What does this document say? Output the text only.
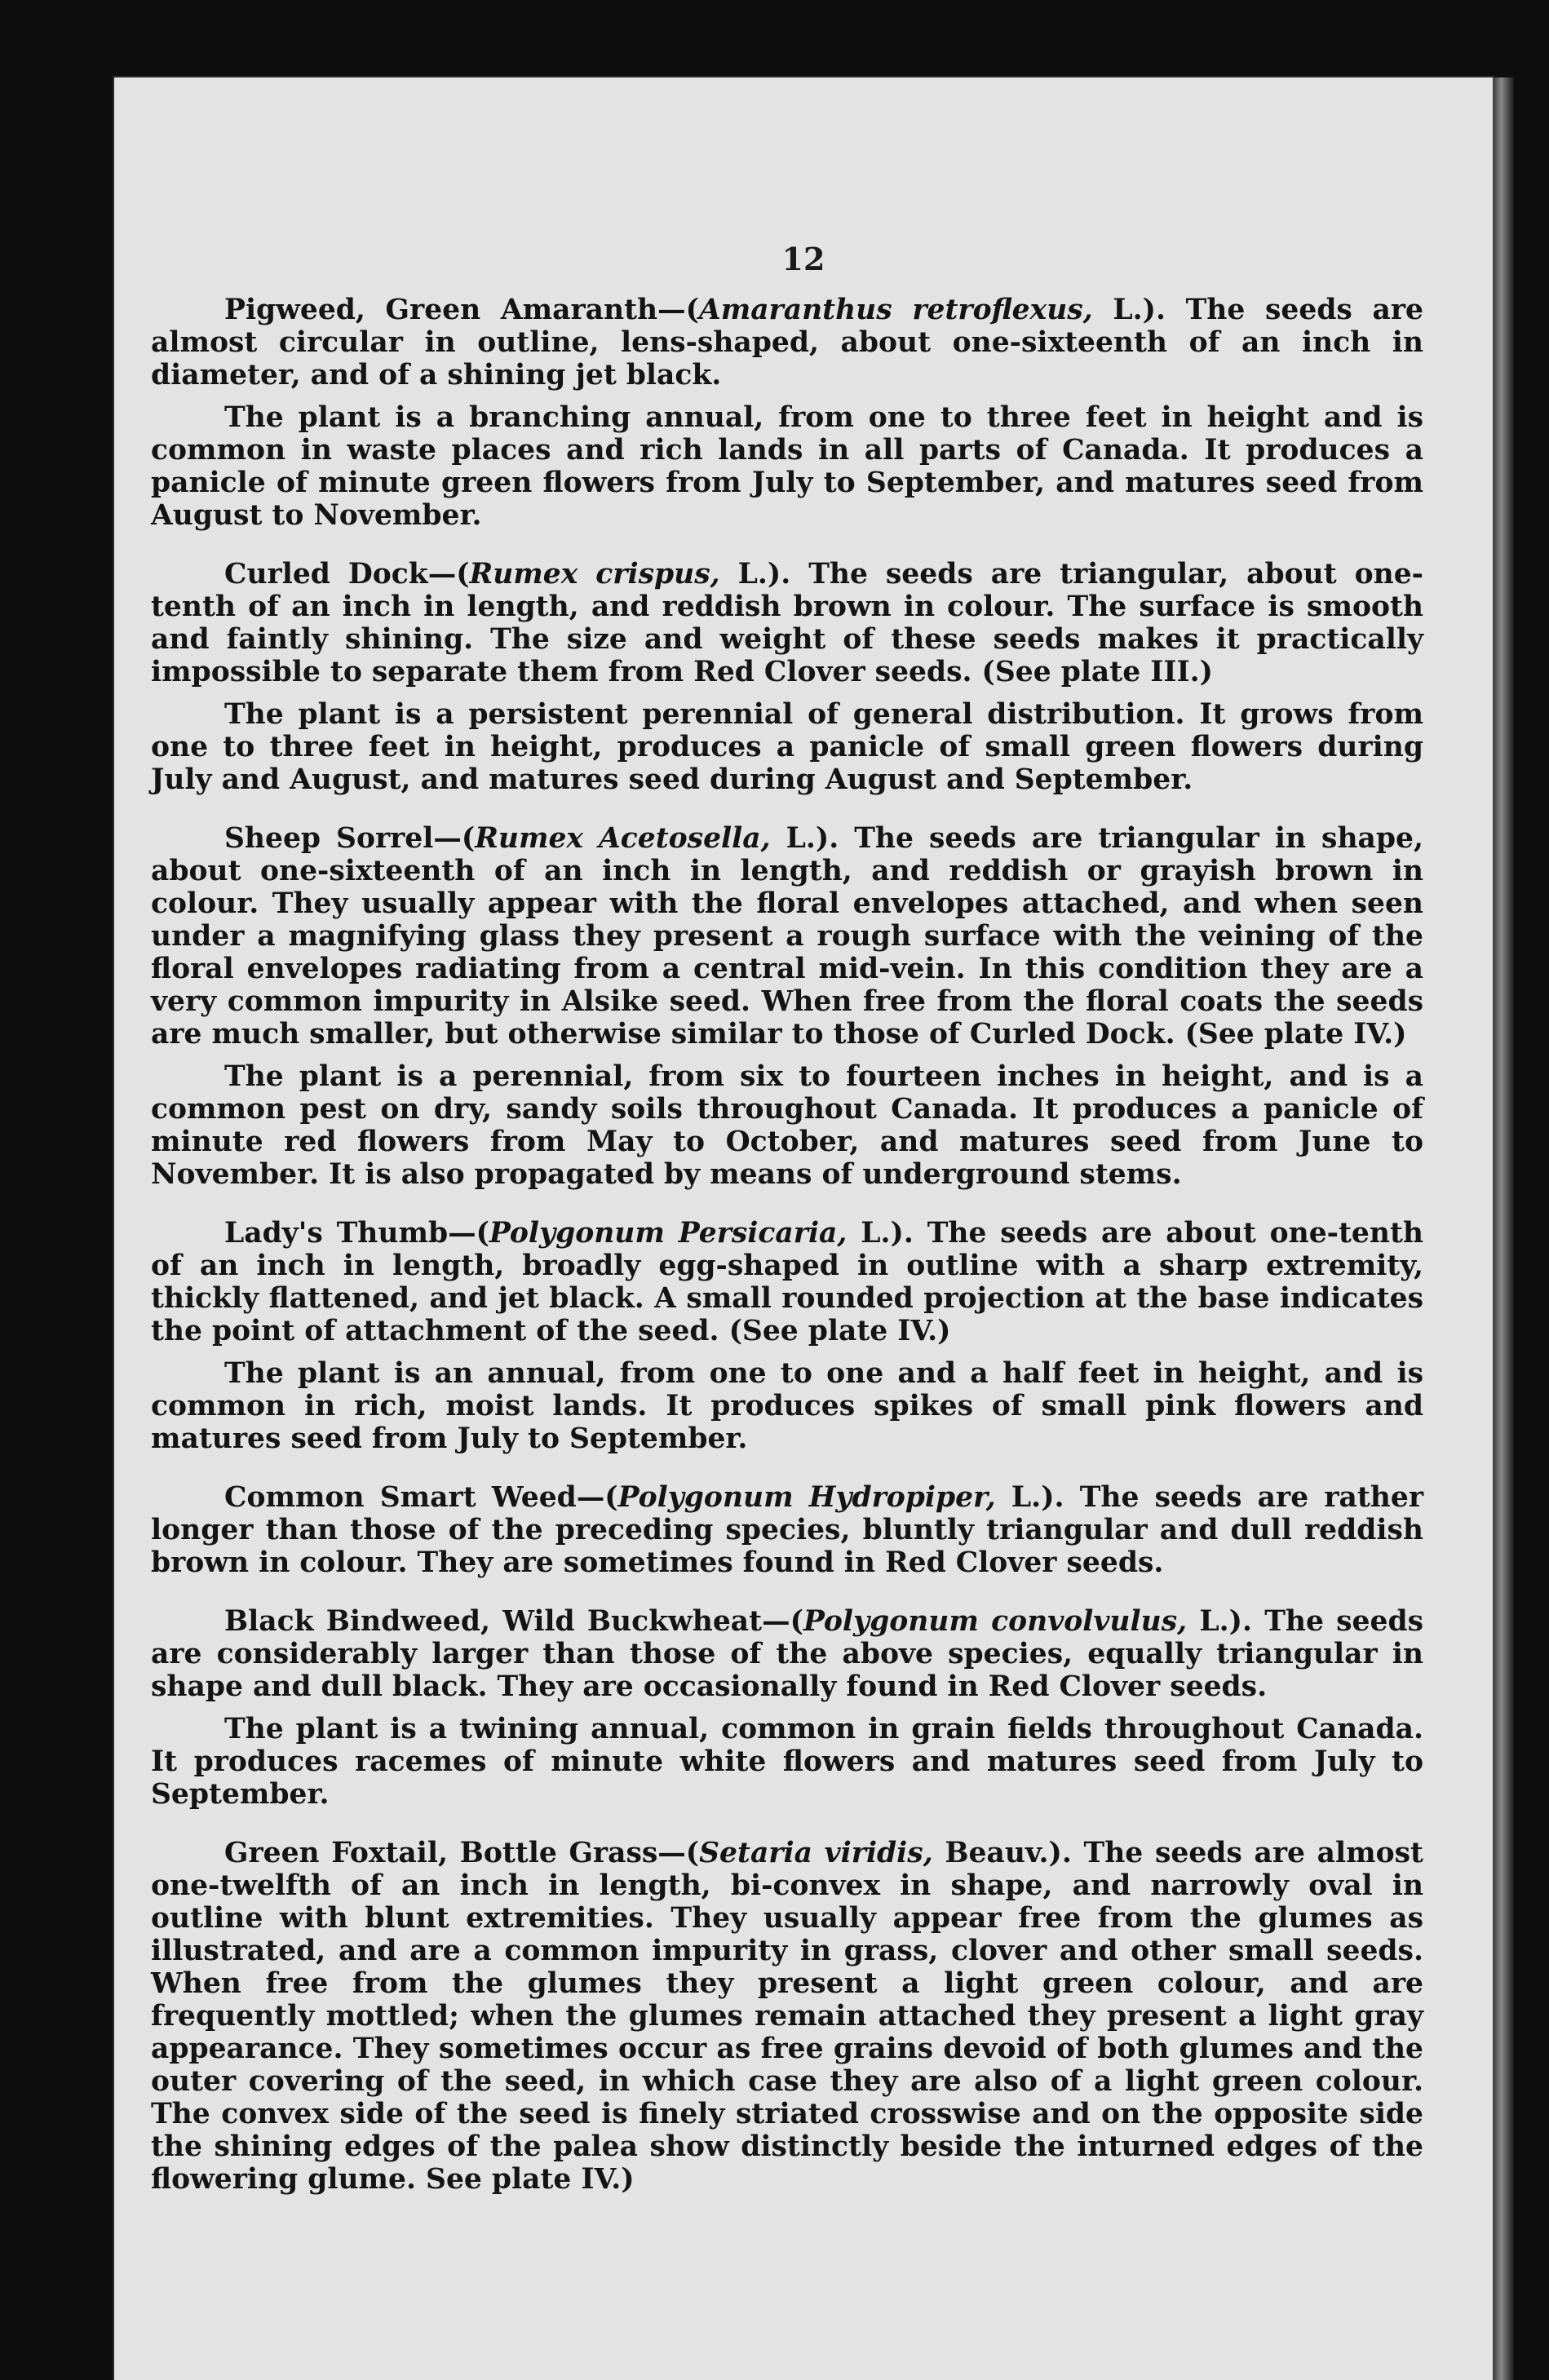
12

Pigweed, Green Amaranth—(Amaranthus retroflexus, L.). The seeds are almost circular in outline, lens-shaped, about one-sixteenth of an inch in diameter, and of a shining jet black.

The plant is a branching annual, from one to three feet in height and is common in waste places and rich lands in all parts of Canada. It produces a panicle of minute green flowers from July to September, and matures seed from August to November.

Curled Dock—(Rumex crispus, L.). The seeds are triangular, about one-tenth of an inch in length, and reddish brown in colour. The surface is smooth and faintly shining. The size and weight of these seeds makes it practically impossible to separate them from Red Clover seeds. (See plate III.)

The plant is a persistent perennial of general distribution. It grows from one to three feet in height, produces a panicle of small green flowers during July and August, and matures seed during August and September.

Sheep Sorrel—(Rumex Acetosella, L.). The seeds are triangular in shape, about one-sixteenth of an inch in length, and reddish or grayish brown in colour. They usually appear with the floral envelopes attached, and when seen under a magnifying glass they present a rough surface with the veining of the floral envelopes radiating from a central mid-vein. In this condition they are a very common impurity in Alsike seed. When free from the floral coats the seeds are much smaller, but otherwise similar to those of Curled Dock. (See plate IV.)

The plant is a perennial, from six to fourteen inches in height, and is a common pest on dry, sandy soils throughout Canada. It produces a panicle of minute red flowers from May to October, and matures seed from June to November. It is also propagated by means of underground stems.

Lady's Thumb—(Polygonum Persicaria, L.). The seeds are about one-tenth of an inch in length, broadly egg-shaped in outline with a sharp extremity, thickly flattened, and jet black. A small rounded projection at the base indicates the point of attachment of the seed. (See plate IV.)

The plant is an annual, from one to one and a half feet in height, and is common in rich, moist lands. It produces spikes of small pink flowers and matures seed from July to September.

Common Smart Weed—(Polygonum Hydropiper, L.). The seeds are rather longer than those of the preceding species, bluntly triangular and dull reddish brown in colour. They are sometimes found in Red Clover seeds.

Black Bindweed, Wild Buckwheat—(Polygonum convolvulus, L.). The seeds are considerably larger than those of the above species, equally triangular in shape and dull black. They are occasionally found in Red Clover seeds.

The plant is a twining annual, common in grain fields throughout Canada. It produces racemes of minute white flowers and matures seed from July to September.

Green Foxtail, Bottle Grass—(Setaria viridis, Beauv.). The seeds are almost one-twelfth of an inch in length, bi-convex in shape, and narrowly oval in outline with blunt extremities. They usually appear free from the glumes as illustrated, and are a common impurity in grass, clover and other small seeds. When free from the glumes they present a light green colour, and are frequently mottled; when the glumes remain attached they present a light gray appearance. They sometimes occur as free grains devoid of both glumes and the outer covering of the seed, in which case they are also of a light green colour. The convex side of the seed is finely striated crosswise and on the opposite side the shining edges of the palea show distinctly beside the inturned edges of the flowering glume. See plate IV.)
